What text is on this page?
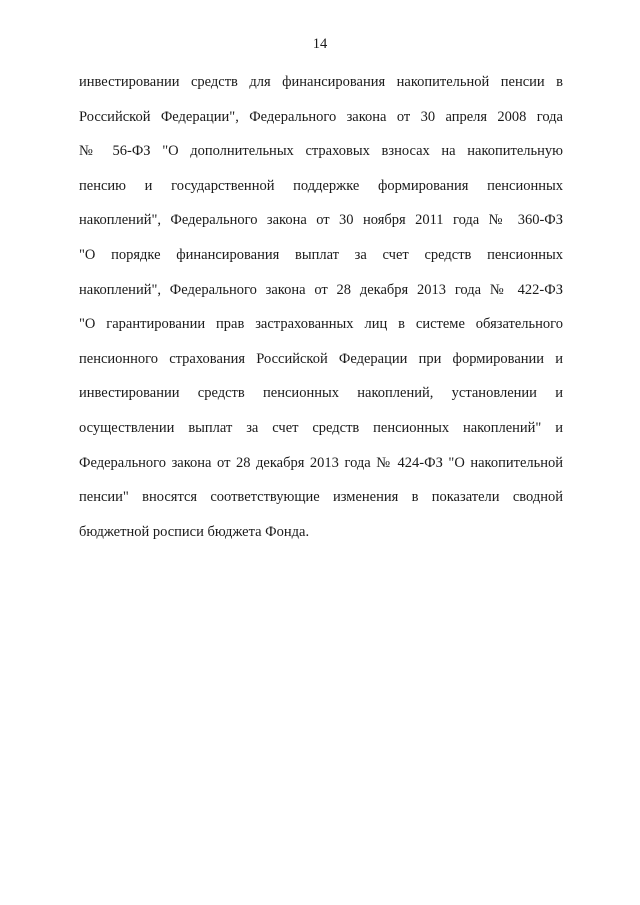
14
инвестировании средств для финансирования накопительной пенсии в
Российской Федерации", Федерального закона от 30 апреля 2008 года
№ 56-ФЗ "О дополнительных страховых взносах на накопительную
пенсию и государственной поддержке формирования пенсионных
накоплений", Федерального закона от 30 ноября 2011 года № 360-ФЗ
"О порядке финансирования выплат за счет средств пенсионных
накоплений", Федерального закона от 28 декабря 2013 года № 422-ФЗ
"О гарантировании прав застрахованных лиц в системе обязательного
пенсионного страхования Российской Федерации при формировании и
инвестировании средств пенсионных накоплений, установлении и
осуществлении выплат за счет средств пенсионных накоплений" и
Федерального закона от 28 декабря 2013 года № 424-ФЗ "О накопительной
пенсии" вносятся соответствующие изменения в показатели сводной
бюджетной росписи бюджета Фонда.
